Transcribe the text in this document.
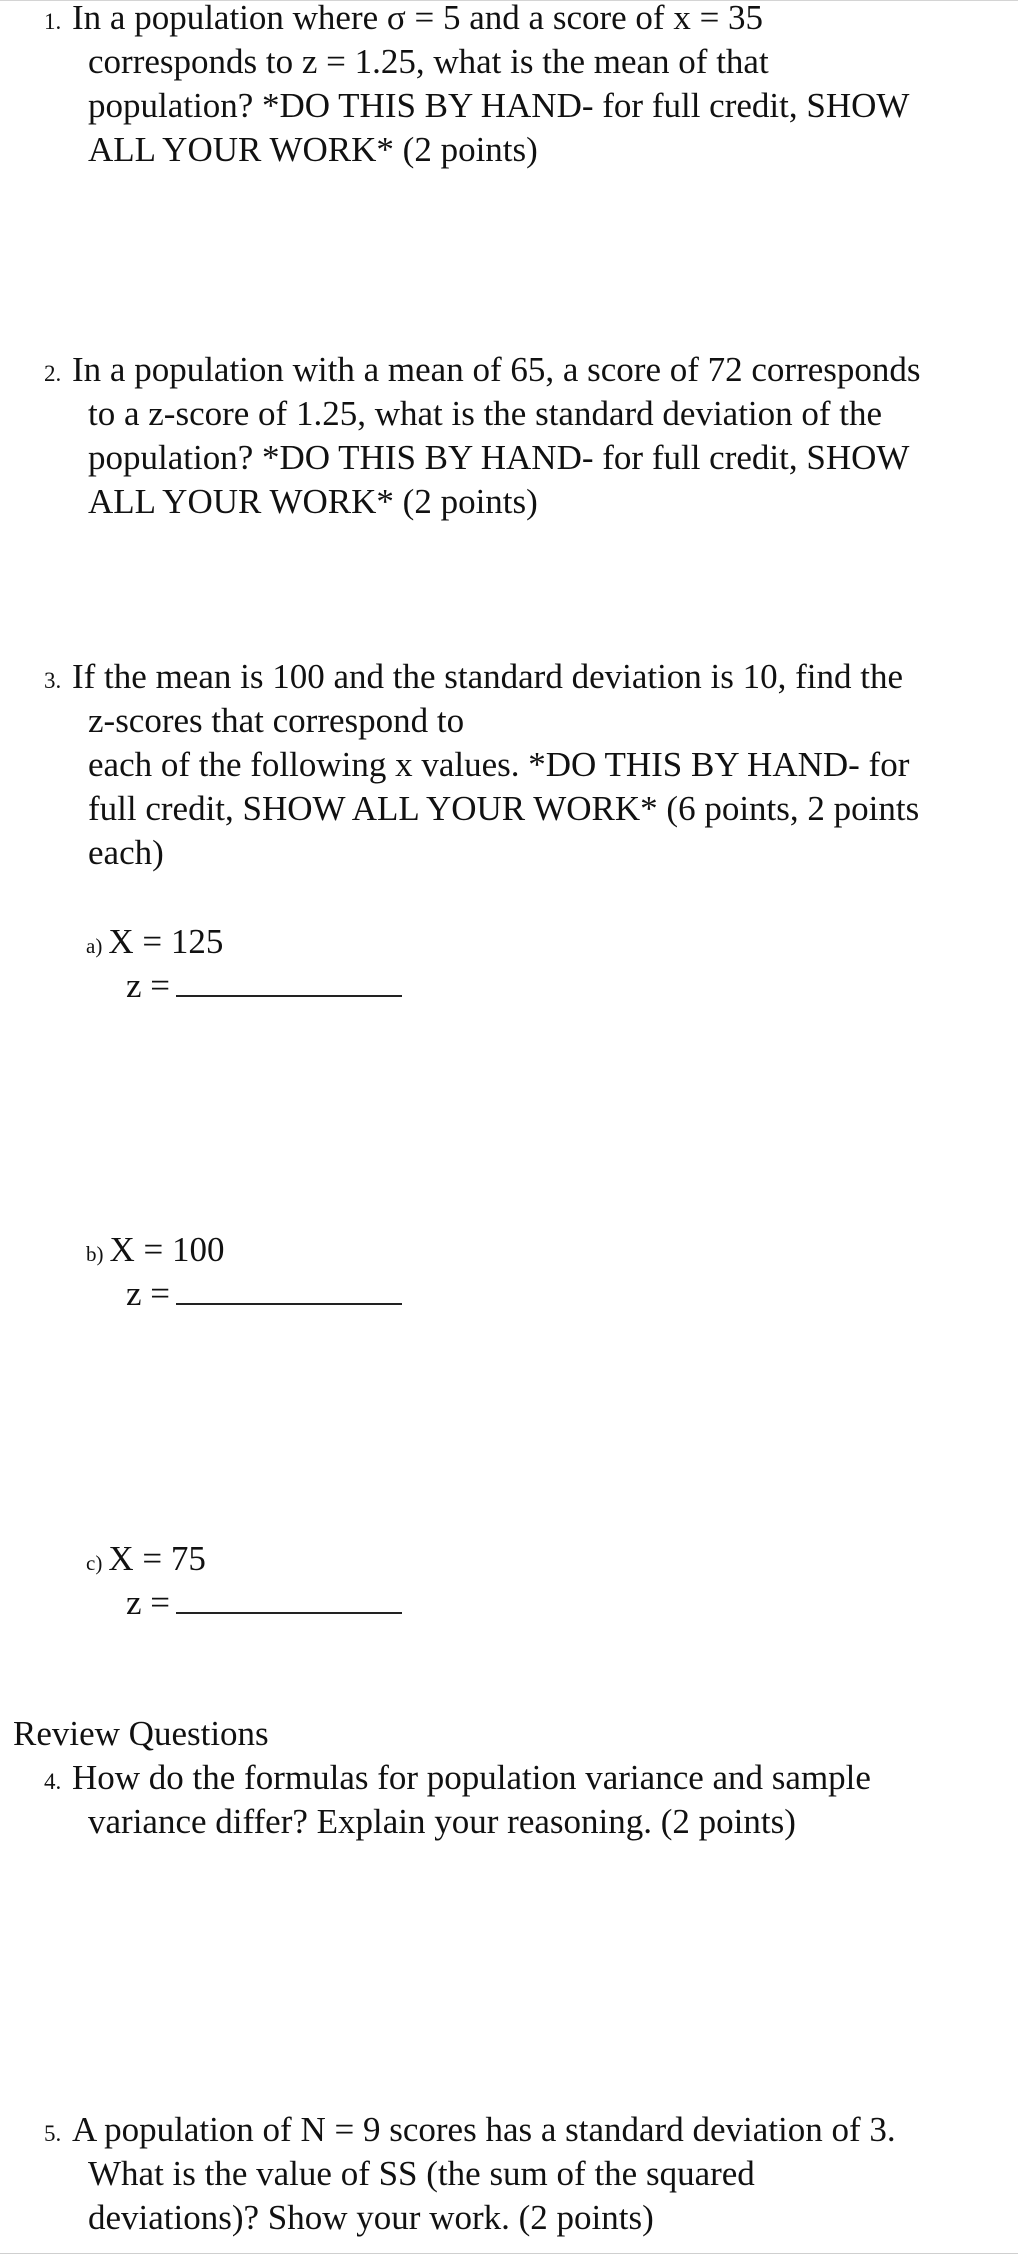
1. In a population where σ = 5 and a score of x = 35
corresponds to z = 1.25, what is the mean of that
population? *DO THIS BY HAND- for full credit, SHOW
ALL YOUR WORK* (2 points)
2. In a population with a mean of 65, a score of 72 corresponds
to a z-score of 1.25, what is the standard deviation of the
population? *DO THIS BY HAND- for full credit, SHOW
ALL YOUR WORK* (2 points)
3. If the mean is 100 and the standard deviation is 10, find the
z-scores that correspond to
each of the following x values. *DO THIS BY HAND- for
full credit, SHOW ALL YOUR WORK* (6 points, 2 points
each)
a) X = 125
z =
b) X = 100
z =
c) X = 75
z =
Review Questions
4. How do the formulas for population variance and sample
variance differ? Explain your reasoning. (2 points)
5. A population of N = 9 scores has a standard deviation of 3.
What is the value of SS (the sum of the squared
deviations)? Show your work. (2 points)
